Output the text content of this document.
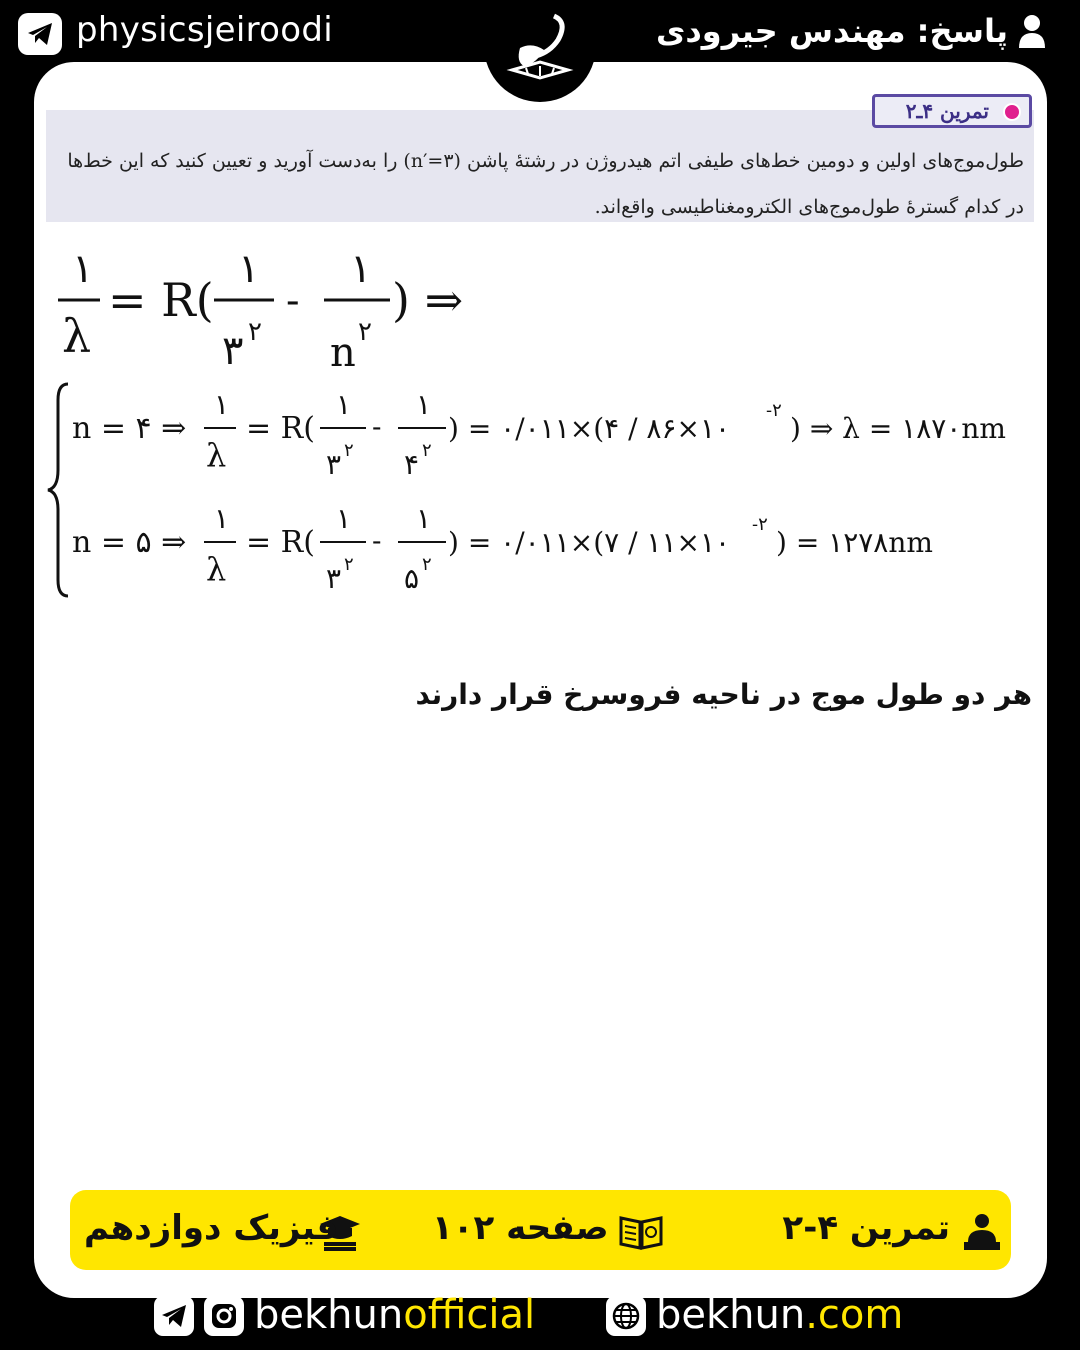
physicsjeiroodi	پاسخ: مهندس جیرودی
تمرین ۴ـ۲
طول‌موج‌های اولین و دومین خط‌های طیفی اتم هیدروژن در رشتهٔ پاشن (n′=۳) را به‌دست آورید و تعیین کنید که این خط‌ها
در کدام گسترهٔ طول‌موج‌های الکترومغناطیسی واقع‌اند.
۱
λ
= R(
۱
۳ ۲
-
۱
n ۲
) ⇒
n = ۴ ⇒
۱
λ
= R(
۱
۳ ۲
-
۱
۴ ۲
) = ۰/۰۱۱×(۴ / ۸۶×۱۰
-۲
) ⇒ λ = ۱۸۷۰nm
n = ۵ ⇒
۱
λ
= R(
۱
۳ ۲
-
۱
۵ ۲
) = ۰/۰۱۱×(۷ / ۱۱×۱۰
-۲
) = ۱۲۷۸nm
هر دو طول موج در ناحیه فروسرخ قرار دارند
تمرین ۴-۲
صفحه ۱۰۲
فیزیک دوازدهم
bekhunofficial	bekhun.com
